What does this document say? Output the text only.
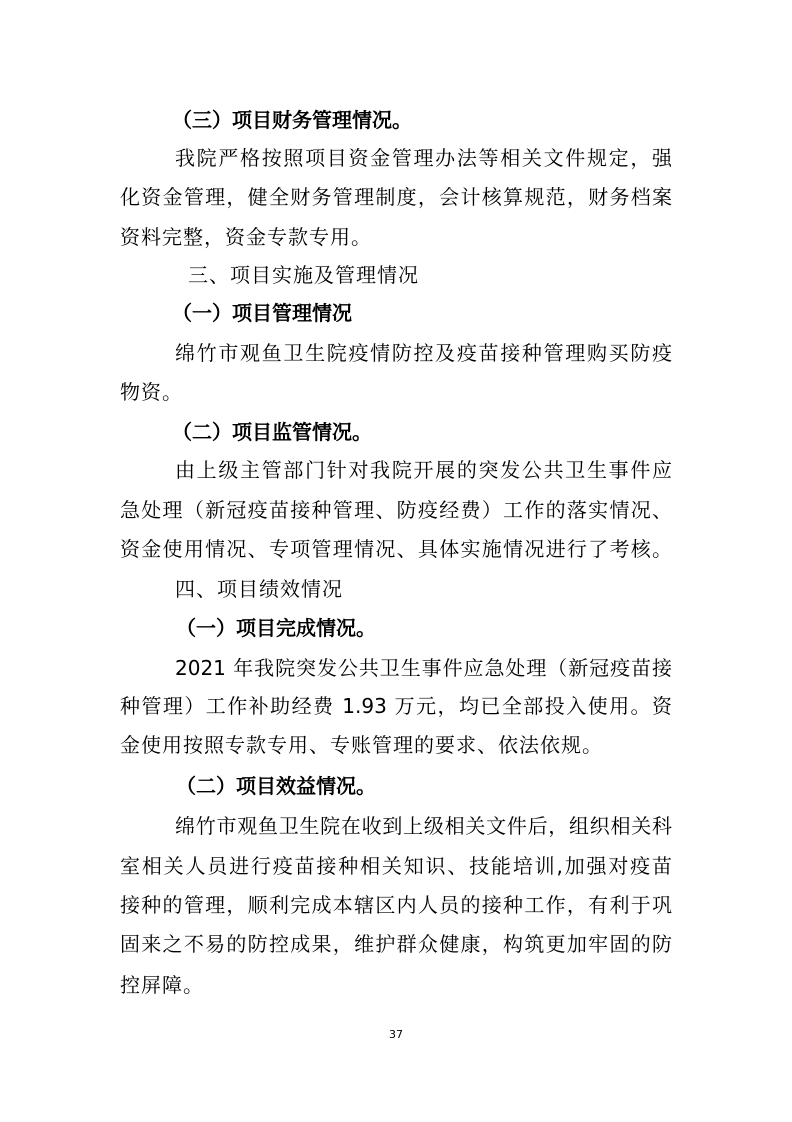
（三）项目财务管理情况。
我院严格按照项目资金管理办法等相关文件规定，强
化资金管理，健全财务管理制度，会计核算规范，财务档案
资料完整，资金专款专用。
三、项目实施及管理情况
（一）项目管理情况
绵竹市观鱼卫生院疫情防控及疫苗接种管理购买防疫
物资。
（二）项目监管情况。
由上级主管部门针对我院开展的突发公共卫生事件应
急处理（新冠疫苗接种管理、防疫经费）工作的落实情况、
资金使用情况、专项管理情况、具体实施情况进行了考核。
四、项目绩效情况
（一）项目完成情况。
2021 年我院突发公共卫生事件应急处理（新冠疫苗接
种管理）工作补助经费 1.93 万元，均已全部投入使用。资
金使用按照专款专用、专账管理的要求、依法依规。
（二）项目效益情况。
绵竹市观鱼卫生院在收到上级相关文件后，组织相关科
室相关人员进行疫苗接种相关知识、技能培训,加强对疫苗
接种的管理，顺利完成本辖区内人员的接种工作，有利于巩
固来之不易的防控成果，维护群众健康，构筑更加牢固的防
控屏障。
37
